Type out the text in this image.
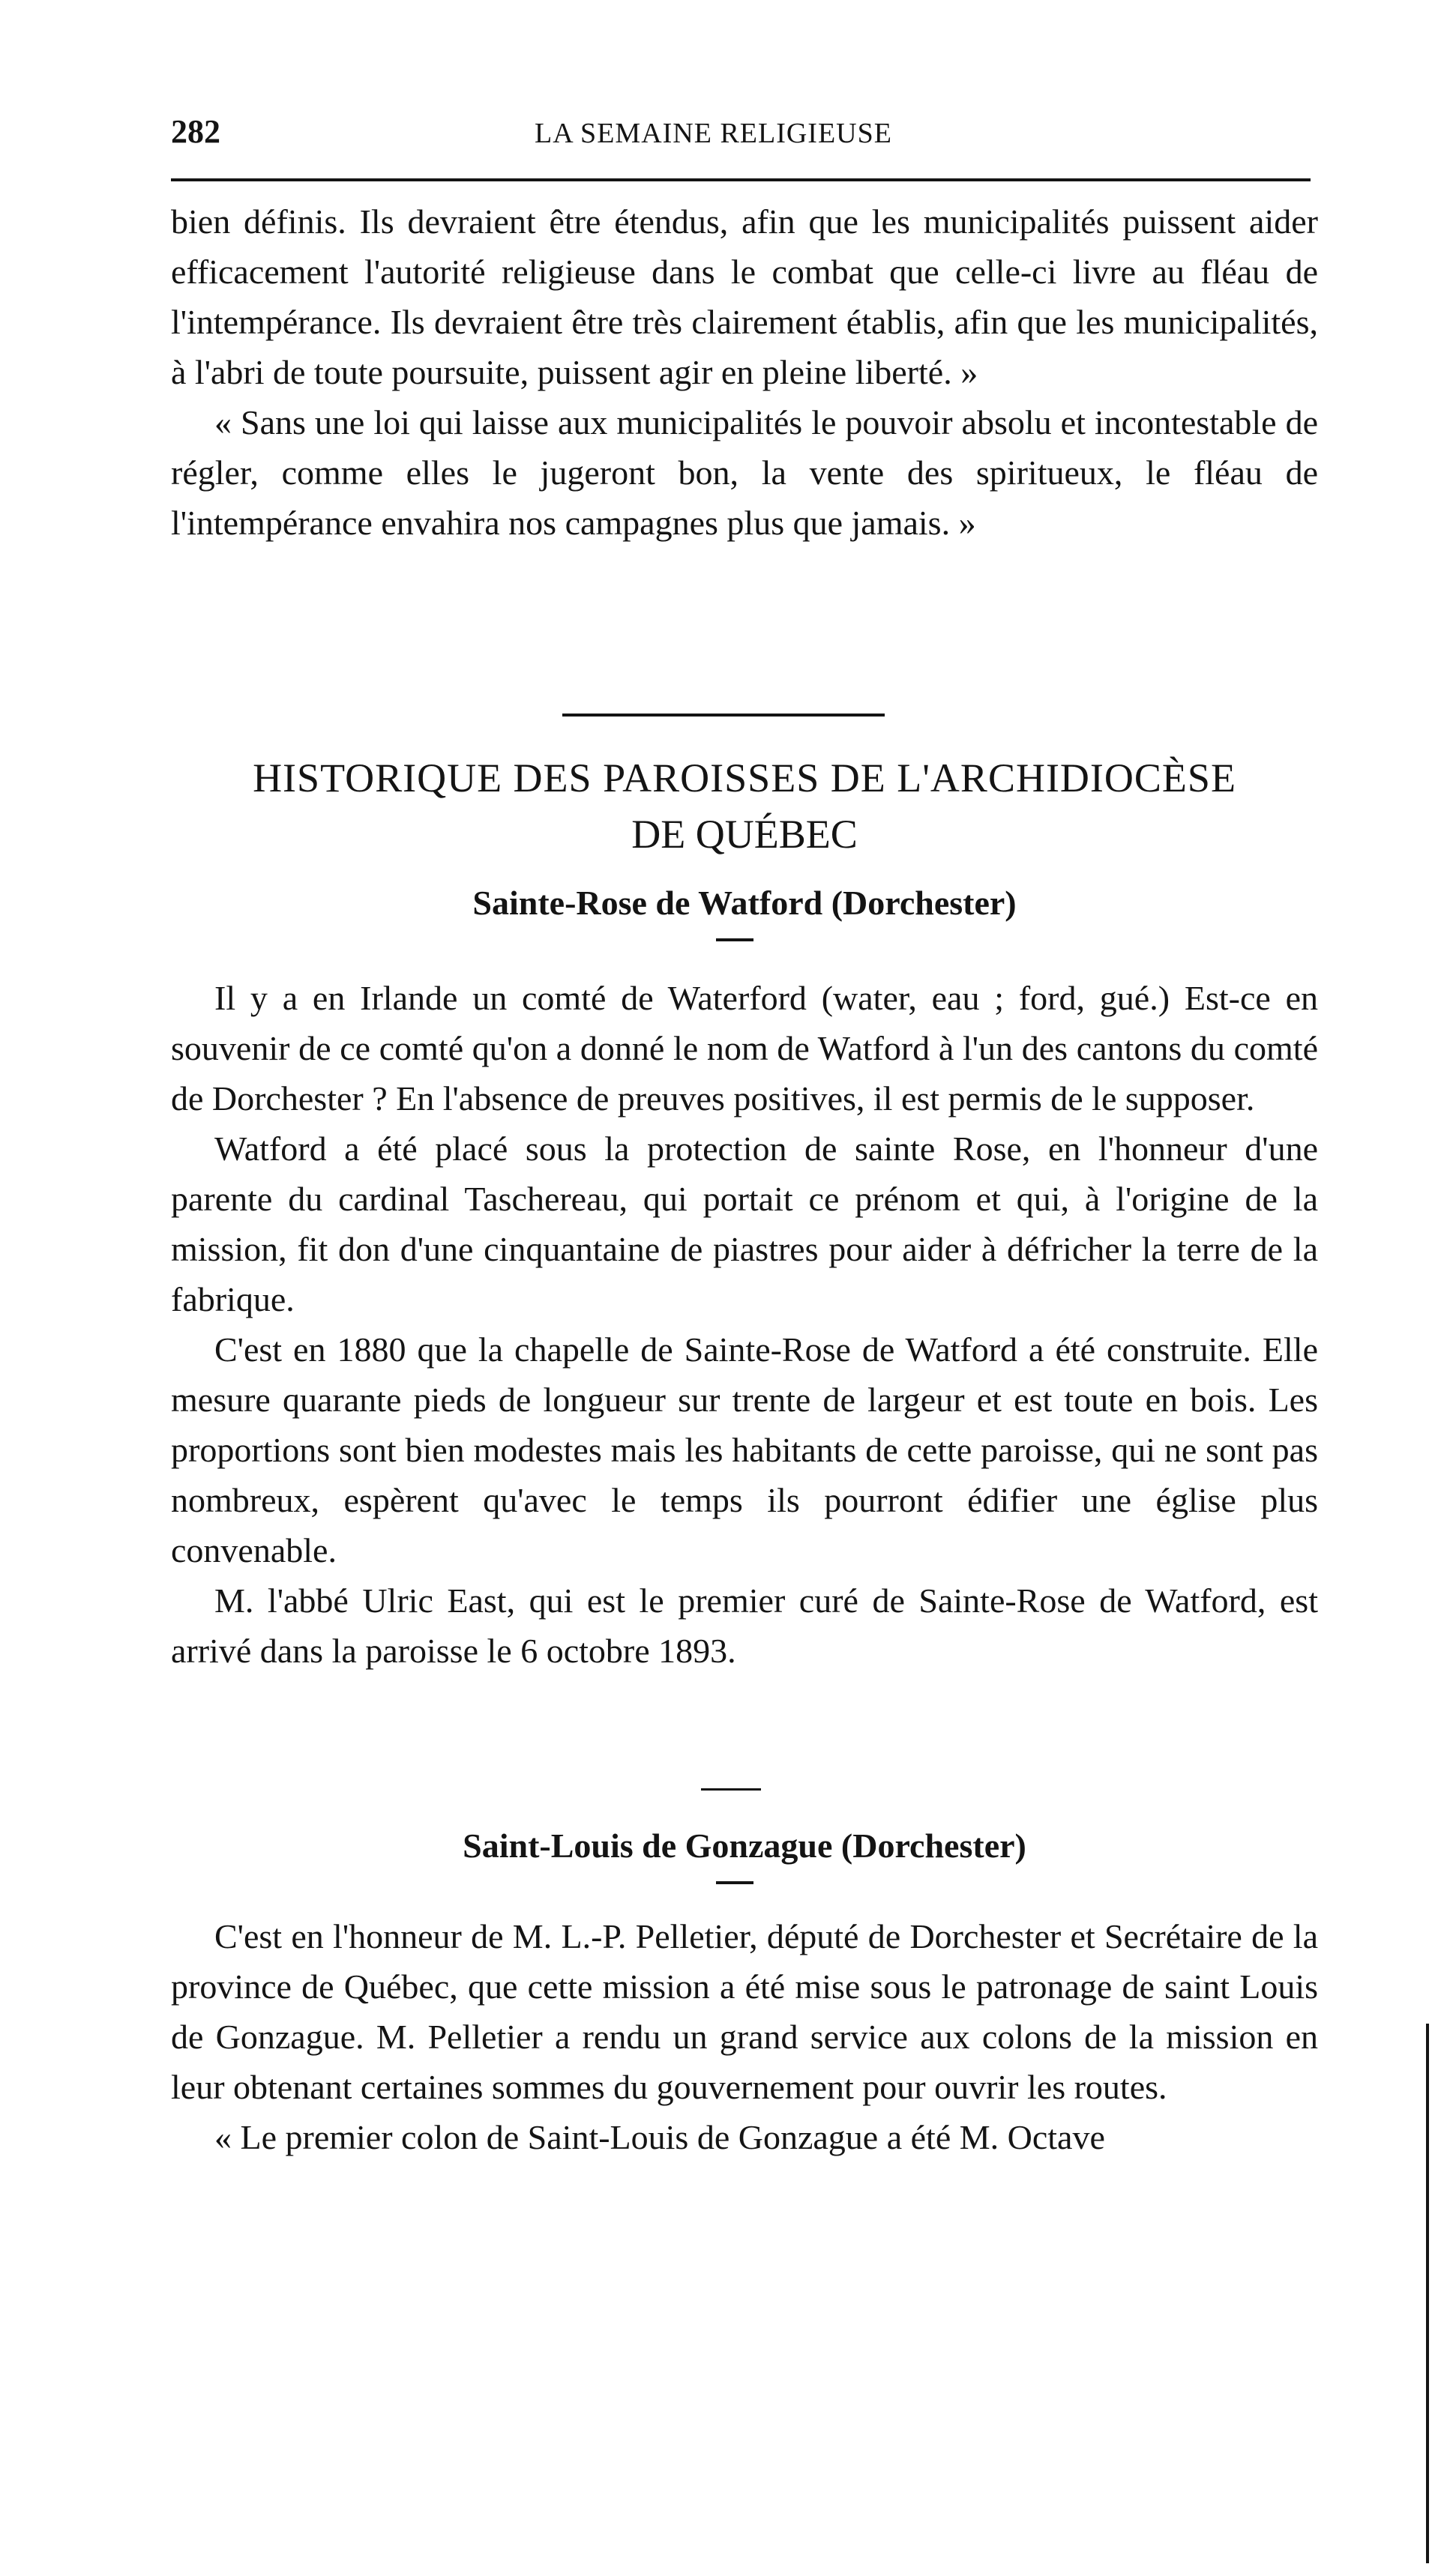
282	LA SEMAINE RELIGIEUSE

bien définis. Ils devraient être étendus, afin que les municipalités puissent aider efficacement l'autorité religieuse dans le combat que celle-ci livre au fléau de l'intempérance. Ils devraient être très clairement établis, afin que les municipalités, à l'abri de toute poursuite, puissent agir en pleine liberté. »

« Sans une loi qui laisse aux municipalités le pouvoir absolu et incontestable de régler, comme elles le jugeront bon, la vente des spiritueux, le fléau de l'intempérance envahira nos campagnes plus que jamais. »

HISTORIQUE DES PAROISSES DE L'ARCHIDIOCÈSE
DE QUÉBEC
Sainte-Rose de Watford (Dorchester)

Il y a en Irlande un comté de Waterford (water, eau ; ford, gué.) Est-ce en souvenir de ce comté qu'on a donné le nom de Watford à l'un des cantons du comté de Dorchester ? En l'absence de preuves positives, il est permis de le supposer.

Watford a été placé sous la protection de sainte Rose, en l'honneur d'une parente du cardinal Taschereau, qui portait ce prénom et qui, à l'origine de la mission, fit don d'une cinquantaine de piastres pour aider à défricher la terre de la fabrique.

C'est en 1880 que la chapelle de Sainte-Rose de Watford a été construite. Elle mesure quarante pieds de longueur sur trente de largeur et est toute en bois. Les proportions sont bien modestes mais les habitants de cette paroisse, qui ne sont pas nombreux, espèrent qu'avec le temps ils pourront édifier une église plus convenable.

M. l'abbé Ulric East, qui est le premier curé de Sainte-Rose de Watford, est arrivé dans la paroisse le 6 octobre 1893.

Saint-Louis de Gonzague (Dorchester)

C'est en l'honneur de M. L.-P. Pelletier, député de Dorchester et Secrétaire de la province de Québec, que cette mission a été mise sous le patronage de saint Louis de Gonzague. M. Pelletier a rendu un grand service aux colons de la mission en leur obtenant certaines sommes du gouvernement pour ouvrir les routes.

« Le premier colon de Saint-Louis de Gonzague a été M. Octave
